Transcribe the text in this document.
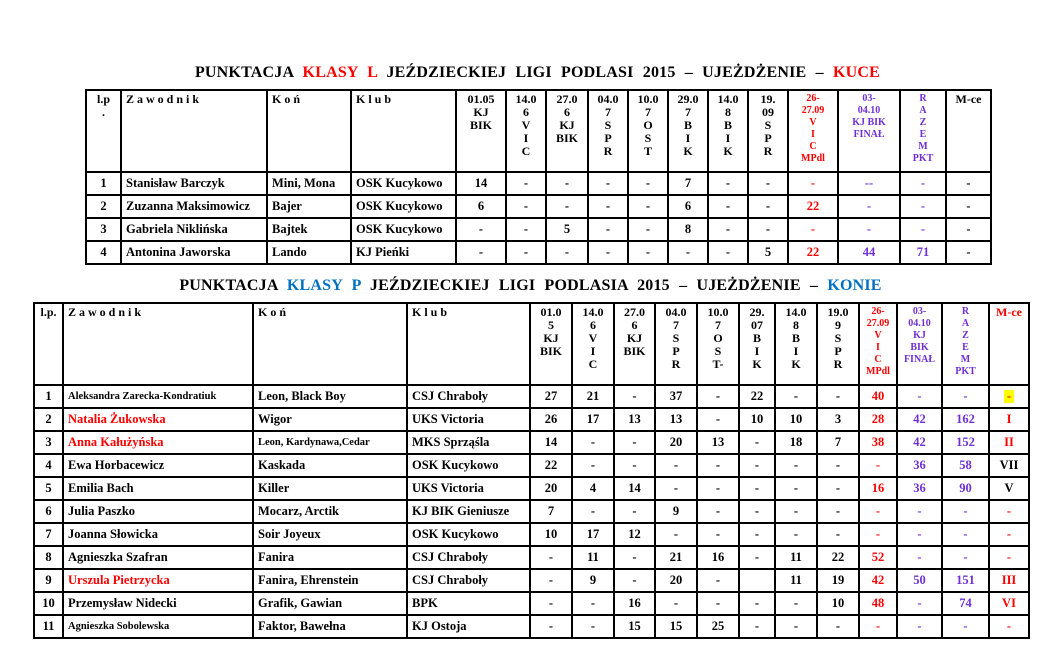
PUNKTACJA KLASY L JEŹDZIECKIEJ LIGI PODLASI 2015 – UJEŻDŻENIE – KUCE
l.p
.

Z a w o d n i k	K o ń	K l u b	01.05
KJ
BIK

14.0
6
V
I
C

27.0
6
KJ
BIK

04.0
7
S
P
R

10.0
7
O
S
T

29.0
7
B
I
K

14.0
8
B
I
K

19.
09
S
P
R

26-
27.09
V
I
C
MPdl

03-
04.10
KJ BIK
FINAŁ

R
A
Z
E
M
PKT

M-ce

1	Stanisław Barczyk	Mini, Mona	OSK Kucykowo	14	-	-	-	-	7	-	-	-	--	-	-
2	Zuzanna Maksimowicz	Bajer	OSK Kucykowo	6	-	-	-	-	6	-	-	22	-	-	-
3	Gabriela Niklińska	Bajtek	OSK Kucykowo	-	-	5	-	-	8	-	-	-	-	-	-
4	Antonina Jaworska	Lando	KJ Pieńki	-	-	-	-	-	-	-	5	22	44	71	-
PUNKTACJA KLASY P JEŹDZIECKIEJ LIGI PODLASIA 2015 – UJEŻDŻENIE – KONIE
l.p.	Z a w o d n i k	K o ń	K l u b	01.0
5
KJ
BIK

14.0
6
V
I
C

27.0
6
KJ
BIK

04.0
7
S
P
R

10.0
7
O
S
T-

29.
07
B
I
K

14.0
8
B
I
K

19.0
9
S
P
R

26-
27.09
V
I
C
MPdl

03-
04.10
KJ
BIK
FINAŁ

R
A
Z
E
M
PKT

M-ce

1	Aleksandra Zarecka-Kondratiuk	Leon, Black Boy	CSJ Chraboły	27	21	-	37	-	22	-	-	40	-	-	-
2	Natalia Żukowska	Wigor	UKS Victoria	26	17	13	13	-	10	10	3	28	42	162	I
3	Anna Kałużyńska	Leon, Kardynawa,Cedar	MKS Sprząśla	14	-	-	20	13	-	18	7	38	42	152	II
4	Ewa Horbacewicz	Kaskada	OSK Kucykowo	22	-	-	-	-	-	-	-	-	36	58	VII
5	Emilia Bach	Killer	UKS Victoria	20	4	14	-	-	-	-	-	16	36	90	V
6	Julia Paszko	Mocarz, Arctik	KJ BIK Gieniusze	7	-	-	9	-	-	-	-	-	-	-	-
7	Joanna Słowicka	Soir Joyeux	OSK Kucykowo	10	17	12	-	-	-	-	-	-	-	-	-
8	Agnieszka Szafran	Fanira	CSJ Chraboły	-	11	-	21	16	-	11	22	52	-	-	-
9	Urszula Pietrzycka	Fanira, Ehrenstein	CSJ Chraboły	-	9	-	20	-		11	19	42	50	151	III
10	Przemysław Nidecki	Grafik, Gawian	BPK	-	-	16	-	-	-	-	10	48	-	74	VI
11	Agnieszka Sobolewska	Faktor, Bawełna	KJ Ostoja	-	-	15	15	25	-	-	-	-	-	-	-
